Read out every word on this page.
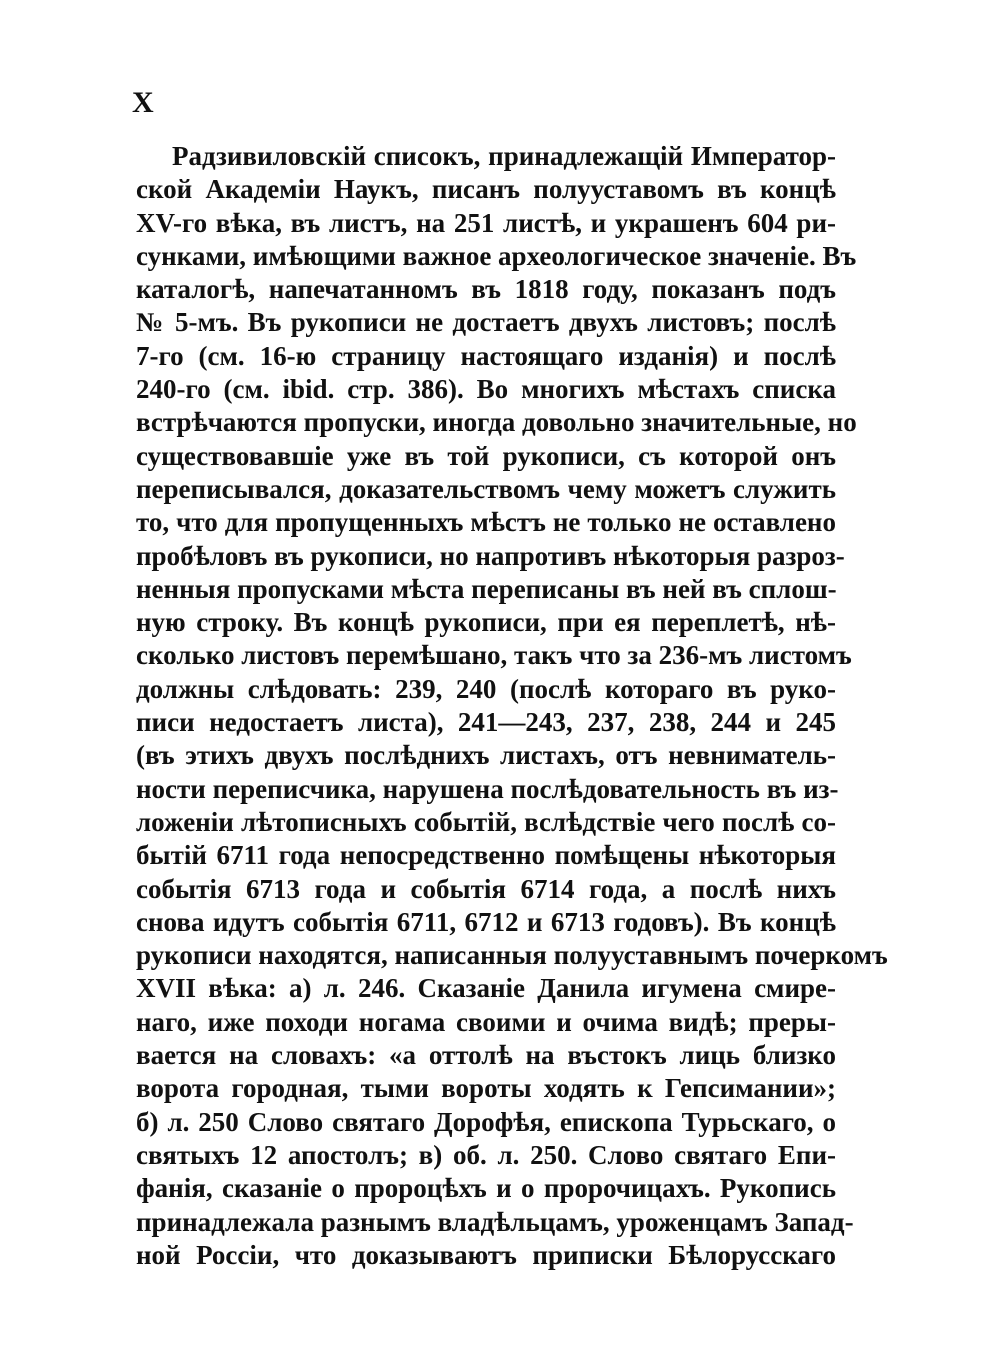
X
Радзивиловскій списокъ, принадлежащій Император-
ской Академіи Наукъ, писанъ полууставомъ въ концѣ
XV-го вѣка, въ листъ, на 251 листѣ, и украшенъ 604 ри-
сунками, имѣющими важное археологическое значеніе. Въ
каталогѣ, напечатанномъ въ 1818 году, показанъ подъ
№ 5-мъ. Въ рукописи не достаетъ двухъ листовъ; послѣ
7-го (см. 16-ю страницу настоящаго изданія) и послѣ
240-го (см. ibid. стр. 386). Во многихъ мѣстахъ списка
встрѣчаются пропуски, иногда довольно значительные, но
существовавшіе уже въ той рукописи, съ которой онъ
переписывался, доказательствомъ чему можетъ служить
то, что для пропущенныхъ мѣстъ не только не оставлено
пробѣловъ въ рукописи, но напротивъ нѣкоторыя разроз-
ненныя пропусками мѣста переписаны въ ней въ сплош-
ную строку. Въ концѣ рукописи, при ея переплетѣ, нѣ-
сколько листовъ перемѣшано, такъ что за 236-мъ листомъ
должны слѣдовать: 239, 240 (послѣ котораго въ руко-
писи недостаетъ листа), 241—243, 237, 238, 244 и 245
(въ этихъ двухъ послѣднихъ листахъ, отъ невниматель-
ности переписчика, нарушена послѣдовательность въ из-
ложеніи лѣтописныхъ событій, вслѣдствіе чего послѣ со-
бытій 6711 года непосредственно помѣщены нѣкоторыя
событія 6713 года и событія 6714 года, а послѣ нихъ
снова идутъ событія 6711, 6712 и 6713 годовъ). Въ концѣ
рукописи находятся, написанныя полууставнымъ почеркомъ
XVII вѣка: а) л. 246. Сказаніе Данила игумена смире-
наго, иже походи ногама своими и очима видѣ; преры-
вается на словахъ: «а оттолѣ на въстокъ лиць близко
ворота городная, тыми вороты ходять к Гепсимании»;
б) л. 250 Слово святаго Дорофѣя, епископа Турьскаго, о
святыхъ 12 апостолъ; в) об. л. 250. Слово святаго Епи-
фанія, сказаніе о пророцѣхъ и о пророчицахъ. Рукопись
принадлежала разнымъ владѣльцамъ, уроженцамъ Запад-
ной Россіи, что доказываютъ приписки Бѣлорусскаго
